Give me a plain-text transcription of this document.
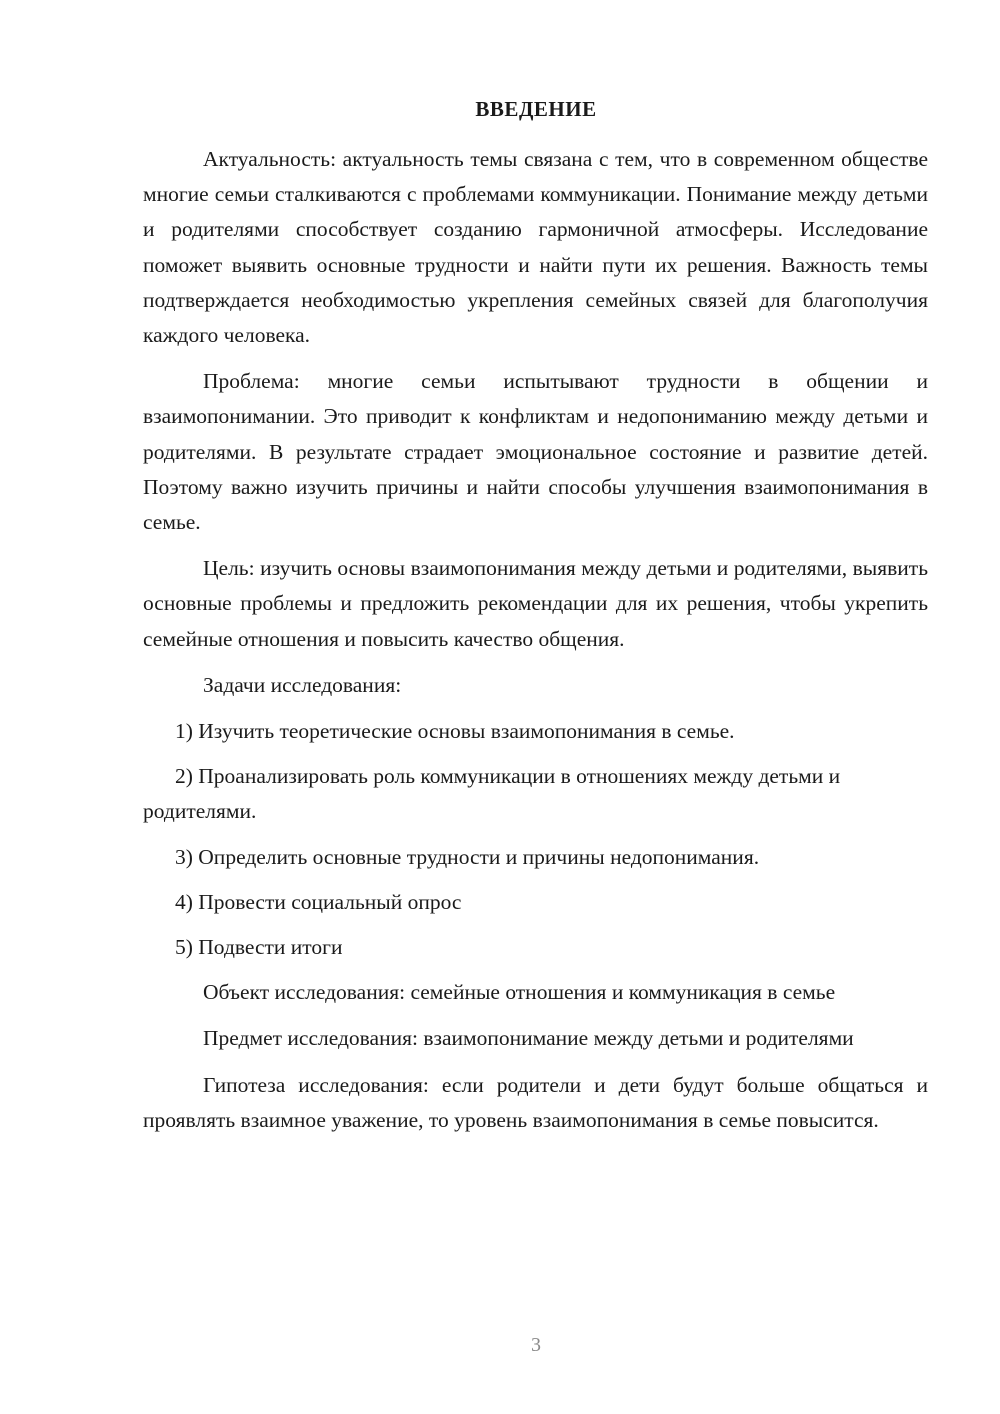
ВВЕДЕНИЕ

Актуальность: актуальность темы связана с тем, что в современном обществе многие семьи сталкиваются с проблемами коммуникации. Понимание между детьми и родителями способствует созданию гармоничной атмосферы. Исследование поможет выявить основные трудности и найти пути их решения. Важность темы подтверждается необходимостью укрепления семейных связей для благополучия каждого человека.

Проблема: многие семьи испытывают трудности в общении и взаимопонимании. Это приводит к конфликтам и недопониманию между детьми и родителями. В результате страдает эмоциональное состояние и развитие детей. Поэтому важно изучить причины и найти способы улучшения взаимопонимания в семье.

Цель: изучить основы взаимопонимания между детьми и родителями, выявить основные проблемы и предложить рекомендации для их решения, чтобы укрепить семейные отношения и повысить качество общения.

Задачи исследования:

1) Изучить теоретические основы взаимопонимания в семье.

2) Проанализировать роль коммуникации в отношениях между детьми и родителями.

3) Определить основные трудности и причины недопонимания.

4) Провести социальный опрос

5) Подвести итоги

Объект исследования: семейные отношения и коммуникация в семье

Предмет исследования: взаимопонимание между детьми и родителями

Гипотеза исследования: если родители и дети будут больше общаться и проявлять взаимное уважение, то уровень взаимопонимания в семье повысится.

3
